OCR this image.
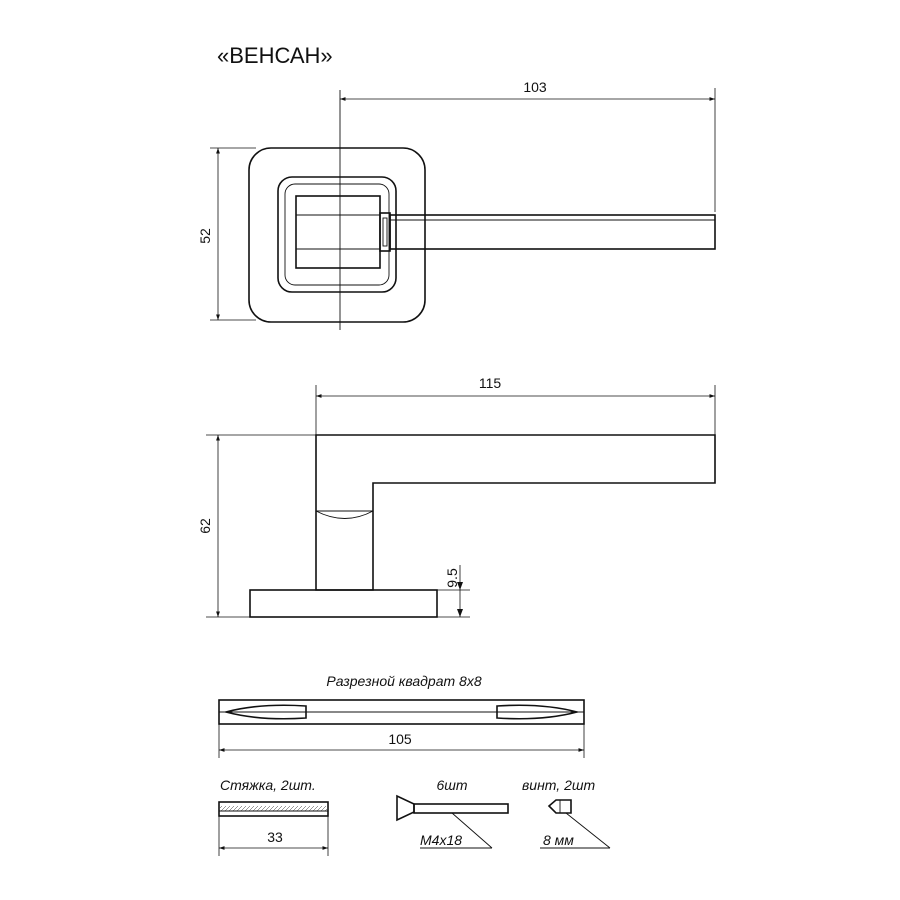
«ВЕНСАН»
103
52
115
62
9.5
Разрезной квадрат 8x8
105
Стяжка, 2шт.
33
6шт
M4x18
винт, 2шт
8 мм
